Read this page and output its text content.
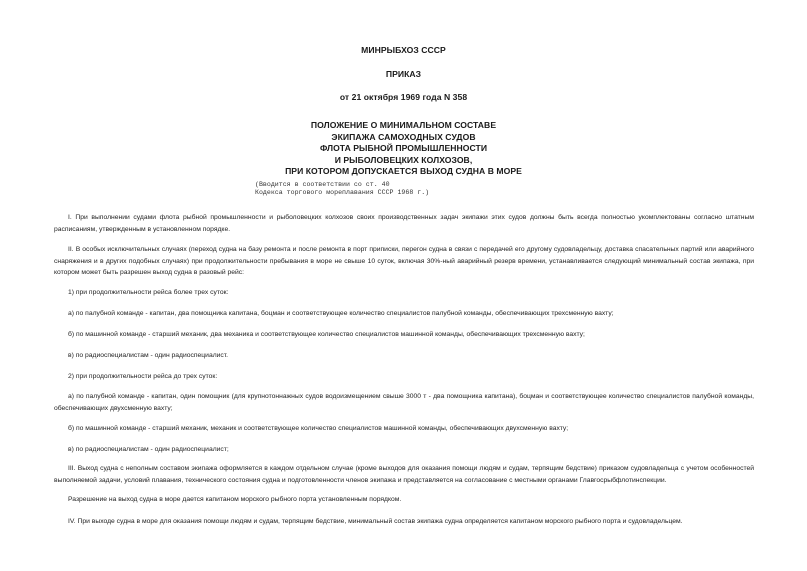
МИНРЫБХОЗ СССР
ПРИКАЗ
от 21 октября 1969 года N 358
ПОЛОЖЕНИЕ О МИНИМАЛЬНОМ СОСТАВЕ
ЭКИПАЖА САМОХОДНЫХ СУДОВ
ФЛОТА РЫБНОЙ ПРОМЫШЛЕННОСТИ
И РЫБОЛОВЕЦКИХ КОЛХОЗОВ,
ПРИ КОТОРОМ ДОПУСКАЕТСЯ ВЫХОД СУДНА В МОРЕ
(Вводится в соответствии со ст. 40
Кодекса торгового мореплавания СССР 1968 г.)

I. При выполнении судами флота рыбной промышленности и рыболовецких колхозов своих производственных задач экипажи этих судов должны быть всегда полностью укомплектованы согласно штатным расписаниям, утвержденным в установленном порядке.

II. В особых исключительных случаях (переход судна на базу ремонта и после ремонта в порт приписки, перегон судна в связи с передачей его другому судовладельцу, доставка спасательных партий или аварийного снаряжения и в других подобных случаях) при продолжительности пребывания в море не свыше 10 суток, включая 30%-ный аварийный резерв времени, устанавливается следующий минимальный состав экипажа, при котором может быть разрешен выход судна в разовый рейс:

1) при продолжительности рейса более трех суток:

а) по палубной команде - капитан, два помощника капитана, боцман и соответствующее количество специалистов палубной команды, обеспечивающих трехсменную вахту;

б) по машинной команде - старший механик, два механика и соответствующее количество специалистов машинной команды, обеспечивающих трехсменную вахту;

в) по радиоспециалистам - один радиоспециалист.

2) при продолжительности рейса до трех суток:

а) по палубной команде - капитан, один помощник (для крупнотоннажных судов водоизмещением свыше 3000 т - два помощника капитана), боцман и соответствующее количество специалистов палубной команды, обеспечивающих двухсменную вахту;

б) по машинной команде - старший механик, механик и соответствующее количество специалистов машинной команды, обеспечивающих двухсменную вахту;

в) по радиоспециалистам - один радиоспециалист;

III. Выход судна с неполным составом экипажа оформляется в каждом отдельном случае (кроме выходов для оказания помощи людям и судам, терпящим бедствие) приказом судовладельца с учетом особенностей выполняемой задачи, условий плавания, технического состояния судна и подготовленности членов экипажа и представляется на согласование с местными органами Главгосрыбфлотинспекции.

Разрешение на выход судна в море дается капитаном морского рыбного порта установленным порядком.

IV. При выходе судна в море для оказания помощи людям и судам, терпящим бедствие, минимальный состав экипажа судна определяется капитаном морского рыбного порта и судовладельцем.
